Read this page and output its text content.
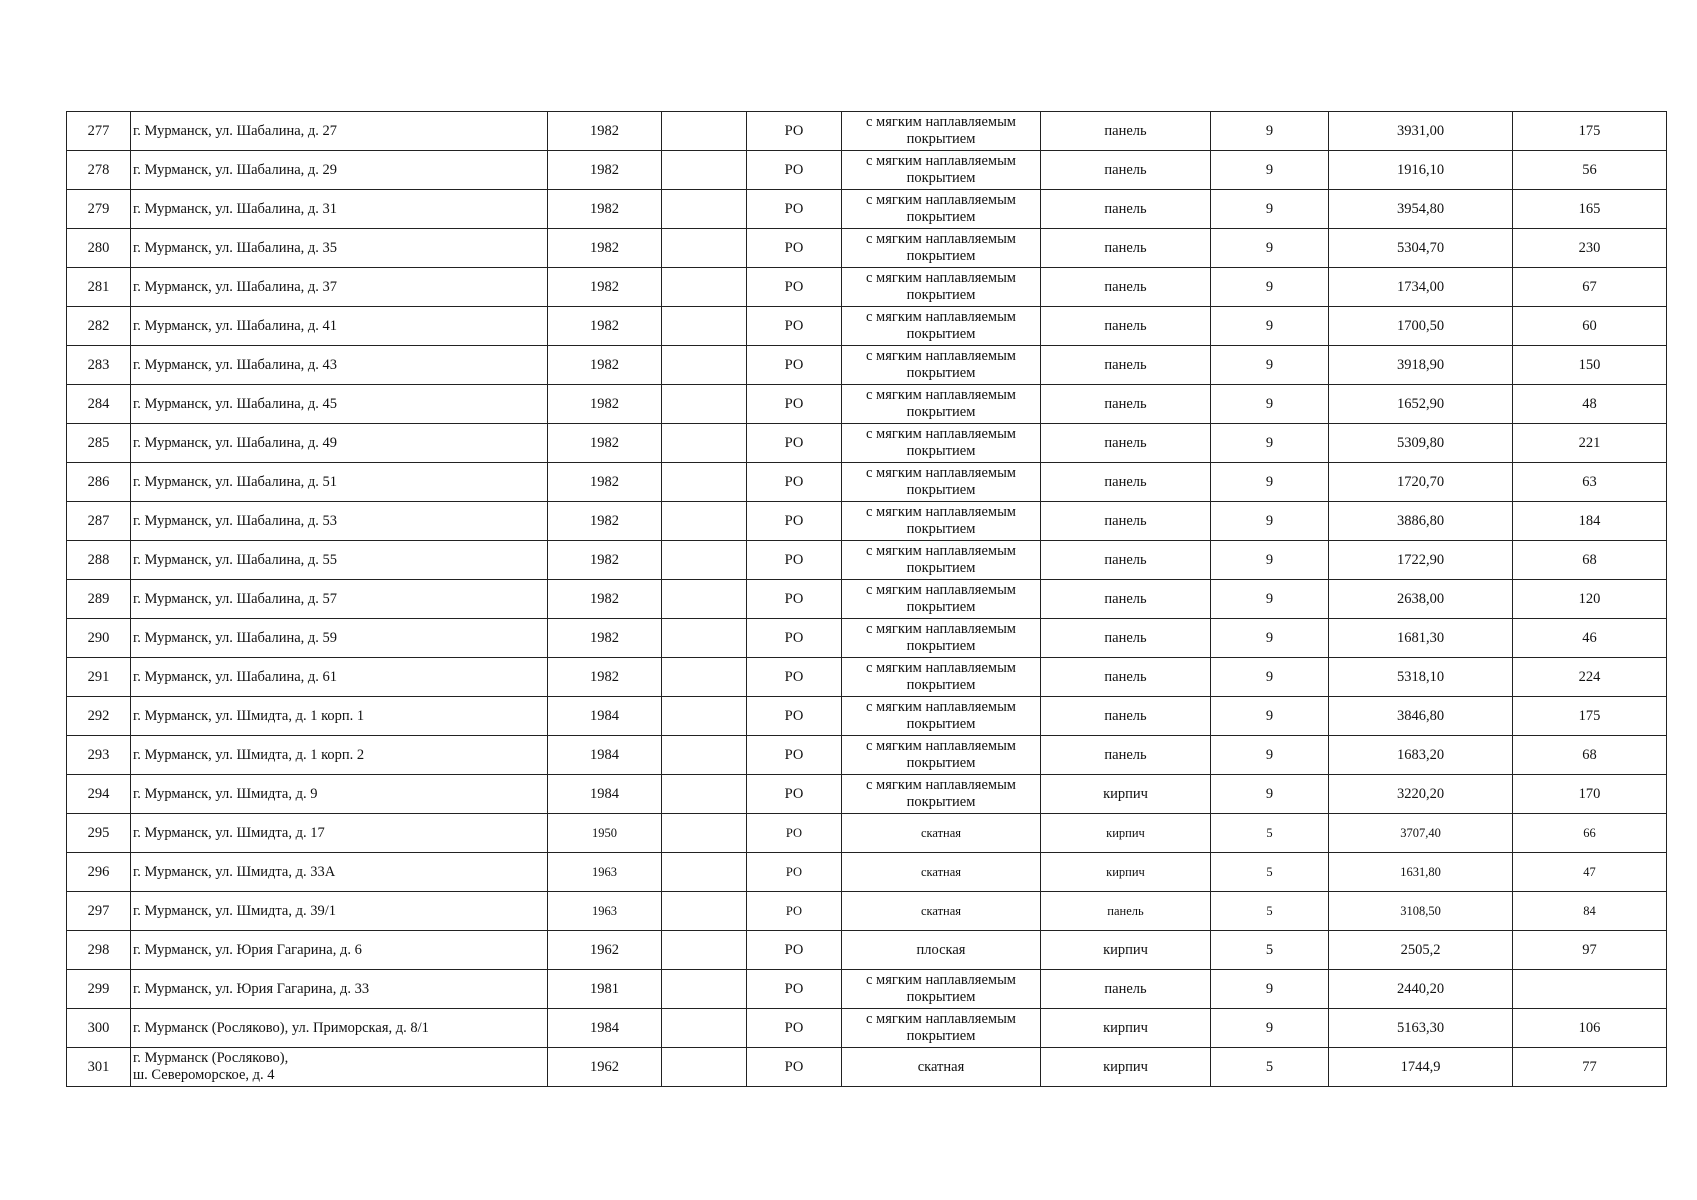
277	г. Мурманск, ул. Шабалина, д. 27	1982		РО	с мягким наплавляемым покрытием	панель	9	3931,00	175
278	г. Мурманск, ул. Шабалина, д. 29	1982		РО	с мягким наплавляемым покрытием	панель	9	1916,10	56
279	г. Мурманск, ул. Шабалина, д. 31	1982		РО	с мягким наплавляемым покрытием	панель	9	3954,80	165
280	г. Мурманск, ул. Шабалина, д. 35	1982		РО	с мягким наплавляемым покрытием	панель	9	5304,70	230
281	г. Мурманск, ул. Шабалина, д. 37	1982		РО	с мягким наплавляемым покрытием	панель	9	1734,00	67
282	г. Мурманск, ул. Шабалина, д. 41	1982		РО	с мягким наплавляемым покрытием	панель	9	1700,50	60
283	г. Мурманск, ул. Шабалина, д. 43	1982		РО	с мягким наплавляемым покрытием	панель	9	3918,90	150
284	г. Мурманск, ул. Шабалина, д. 45	1982		РО	с мягким наплавляемым покрытием	панель	9	1652,90	48
285	г. Мурманск, ул. Шабалина, д. 49	1982		РО	с мягким наплавляемым покрытием	панель	9	5309,80	221
286	г. Мурманск, ул. Шабалина, д. 51	1982		РО	с мягким наплавляемым покрытием	панель	9	1720,70	63
287	г. Мурманск, ул. Шабалина, д. 53	1982		РО	с мягким наплавляемым покрытием	панель	9	3886,80	184
288	г. Мурманск, ул. Шабалина, д. 55	1982		РО	с мягким наплавляемым покрытием	панель	9	1722,90	68
289	г. Мурманск, ул. Шабалина, д. 57	1982		РО	с мягким наплавляемым покрытием	панель	9	2638,00	120
290	г. Мурманск, ул. Шабалина, д. 59	1982		РО	с мягким наплавляемым покрытием	панель	9	1681,30	46
291	г. Мурманск, ул. Шабалина, д. 61	1982		РО	с мягким наплавляемым покрытием	панель	9	5318,10	224
292	г. Мурманск, ул. Шмидта, д. 1 корп. 1	1984		РО	с мягким наплавляемым покрытием	панель	9	3846,80	175
293	г. Мурманск, ул. Шмидта, д. 1 корп. 2	1984		РО	с мягким наплавляемым покрытием	панель	9	1683,20	68
294	г. Мурманск, ул. Шмидта, д. 9	1984		РО	с мягким наплавляемым покрытием	кирпич	9	3220,20	170
295	г. Мурманск, ул. Шмидта, д. 17	1950		РО	скатная	кирпич	5	3707,40	66
296	г. Мурманск, ул. Шмидта, д. 33А	1963		РО	скатная	кирпич	5	1631,80	47
297	г. Мурманск, ул. Шмидта, д. 39/1	1963		РО	скатная	панель	5	3108,50	84
298	г. Мурманск, ул. Юрия Гагарина, д. 6	1962		РО	плоская	кирпич	5	2505,2	97
299	г. Мурманск, ул. Юрия Гагарина, д. 33	1981		РО	с мягким наплавляемым покрытием	панель	9	2440,20	
300	г. Мурманск (Росляково), ул. Приморская, д. 8/1	1984		РО	с мягким наплавляемым покрытием	кирпич	9	5163,30	106
301	г. Мурманск (Росляково),
ш. Североморское, д. 4	1962		РО	скатная	кирпич	5	1744,9	77
